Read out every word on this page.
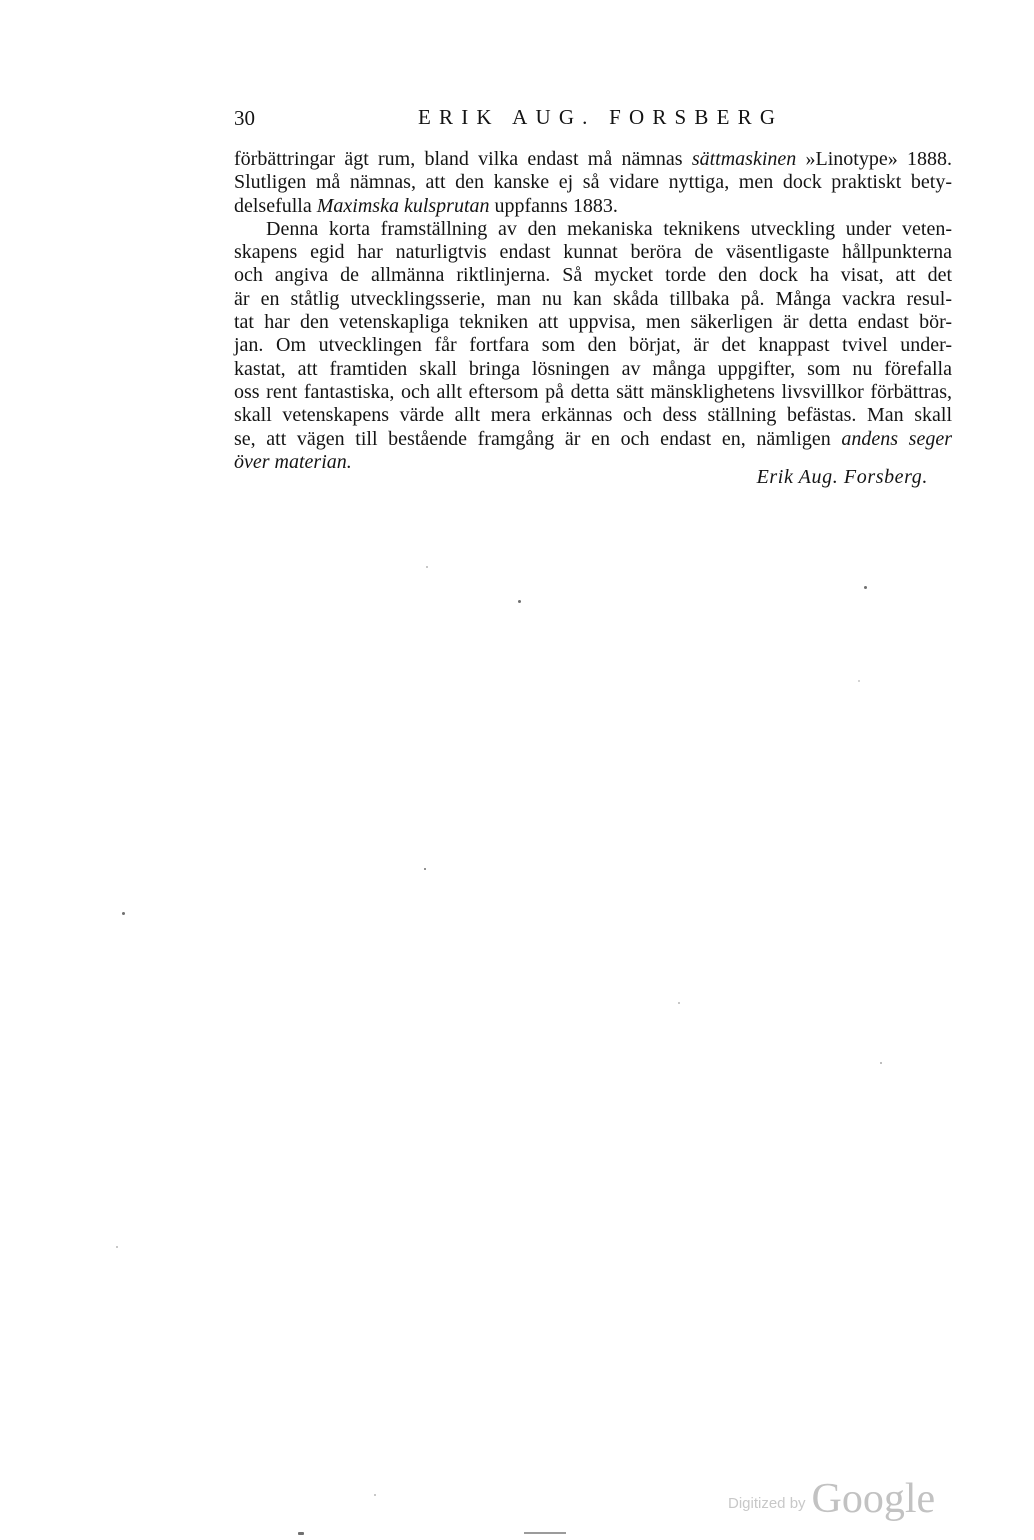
30	ERIK AUG. FORSBERG
förbättringar ägt rum, bland vilka endast må nämnas sättmaskinen »Linotype» 1888.
Slutligen må nämnas, att den kanske ej så vidare nyttiga, men dock praktiskt bety-
delsefulla Maximska kulsprutan uppfanns 1883.
Denna korta framställning av den mekaniska teknikens utveckling under veten-
skapens egid har naturligtvis endast kunnat beröra de väsentligaste hållpunkterna
och angiva de allmänna riktlinjerna. Så mycket torde den dock ha visat, att det
är en ståtlig utvecklingsserie, man nu kan skåda tillbaka på. Många vackra resul-
tat har den vetenskapliga tekniken att uppvisa, men säkerligen är detta endast bör-
jan. Om utvecklingen får fortfara som den börjat, är det knappast tvivel under-
kastat, att framtiden skall bringa lösningen av många uppgifter, som nu förefalla
oss rent fantastiska, och allt eftersom på detta sätt mänsklighetens livsvillkor förbättras,
skall vetenskapens värde allt mera erkännas och dess ställning befästas. Man skall
se, att vägen till bestående framgång är en och endast en, nämligen andens seger
över materian.
Erik Aug. Forsberg.
Digitized by Google
